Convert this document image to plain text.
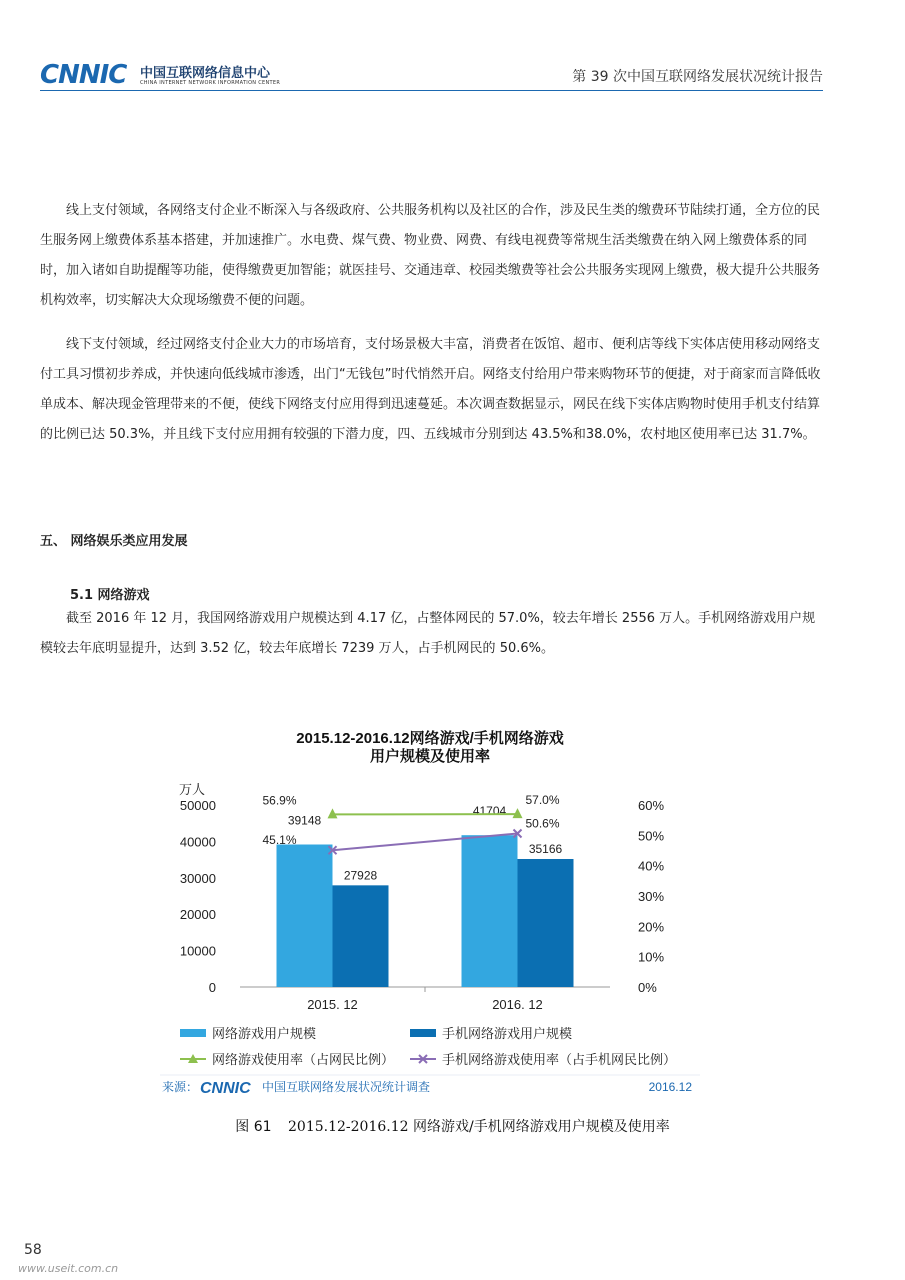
CNNIC 中国互联网络信息中心
CHINA INTERNET NETWORK INFORMATION CENTER	第 39 次中国互联网络发展状况统计报告

线上支付领域，各网络支付企业不断深入与各级政府、公共服务机构以及社区的合作，涉及民生类的缴费环节陆续打通，全方位的民生服务网上缴费体系基本搭建，并加速推广。水电费、煤气费、物业费、网费、有线电视费等常规生活类缴费在纳入网上缴费体系的同时，加入诸如自助提醒等功能，使得缴费更加智能；就医挂号、交通违章、校园类缴费等社会公共服务实现网上缴费，极大提升公共服务机构效率，切实解决大众现场缴费不便的问题。

线下支付领域，经过网络支付企业大力的市场培育，支付场景极大丰富，消费者在饭馆、超市、便利店等线下实体店使用移动网络支付工具习惯初步养成，并快速向低线城市渗透，出门“无钱包”时代悄然开启。网络支付给用户带来购物环节的便捷，对于商家而言降低收单成本、解决现金管理带来的不便，使线下网络支付应用得到迅速蔓延。本次调查数据显示，网民在线下实体店购物时使用手机支付结算的比例已达 50.3%，并且线下支付应用拥有较强的下潜力度，四、五线城市分别到达 43.5%和38.0%，农村地区使用率已达 31.7%。

五、 网络娱乐类应用发展
5.1 网络游戏

截至 2016 年 12 月，我国网络游戏用户规模达到 4.17 亿，占整体网民的 57.0%，较去年增长 2556 万人。手机网络游戏用户规模较去年底明显提升，达到 3.52 亿，较去年底增长 7239 万人，占手机网民的 50.6%。

2015.12-2016.12网络游戏/手机网络游戏
用户规模及使用率
万人
50000
40000
30000
20000
10000
0
60%
50%
40%
30%
20%
10%
0%
2015. 12	2016. 12
39148
41704
27928
35166
56.9%	57.0%
45.1%
50.6%
网络游戏用户规模	手机网络游戏用户规模
网络游戏使用率（占网民比例）	手机网络游戏使用率（占手机网民比例）
来源： CNNIC 中国互联网络发展状况统计调查	2016.12
图 61 2015.12-2016.12 网络游戏/手机网络游戏用户规模及使用率
58
www.useit.com.cn
